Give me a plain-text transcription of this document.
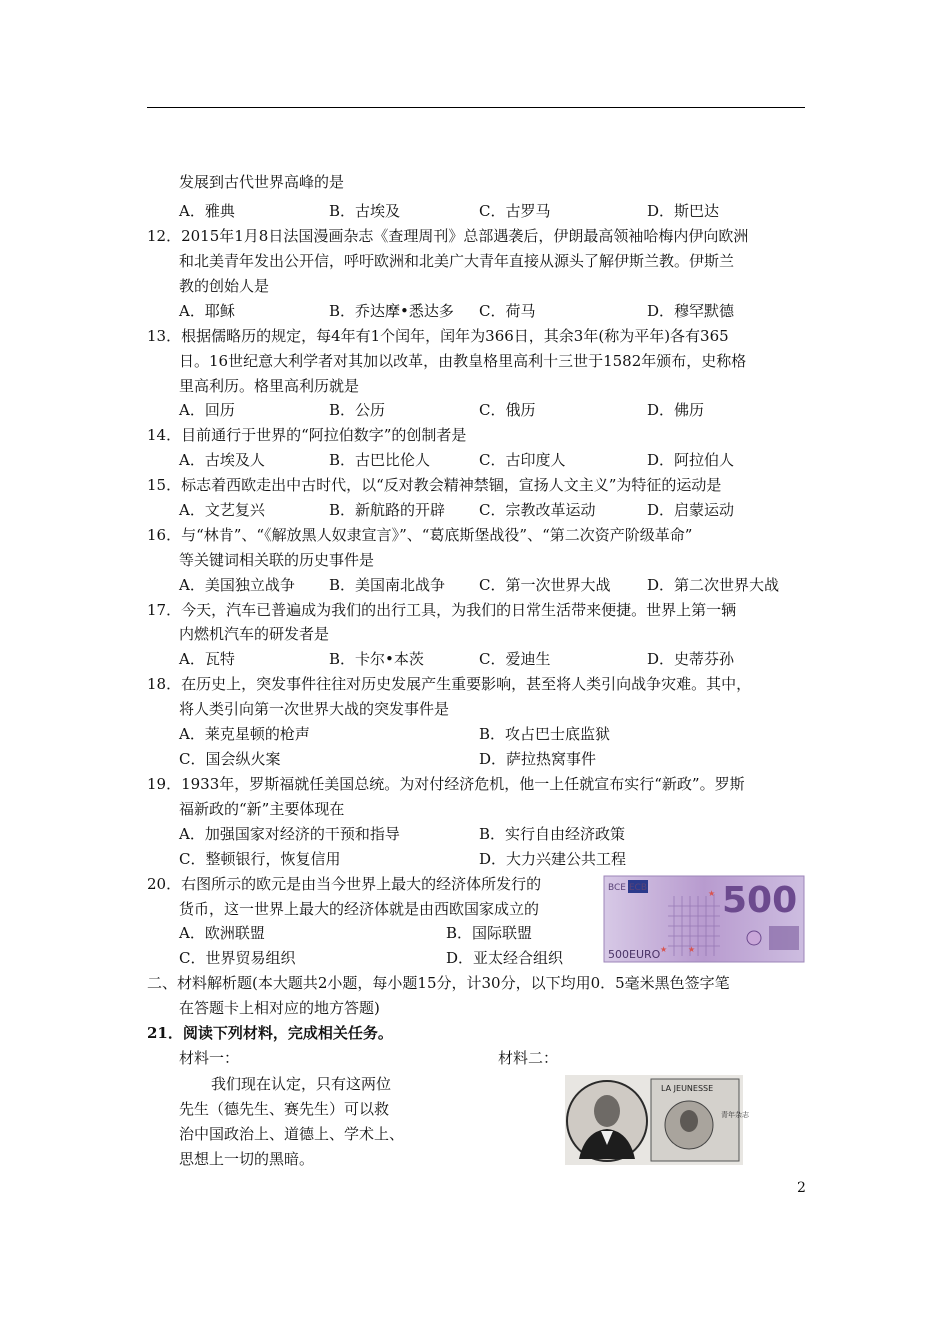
发展到古代世界高峰的是
A．雅典	B．古埃及	C．古罗马	D．斯巴达
12．2015年1月8日法国漫画杂志《查理周刊》总部遇袭后，伊朗最高领袖哈梅内伊向欧洲
和北美青年发出公开信，呼吁欧洲和北美广大青年直接从源头了解伊斯兰教。伊斯兰
教的创始人是
A．耶稣	B．乔达摩•悉达多 C．荷马	D．穆罕默德
13．根据儒略历的规定，每4年有1个闰年，闰年为366日，其余3年(称为平年)各有365
日。16世纪意大利学者对其加以改革，由教皇格里高利十三世于1582年颁布，史称格
里高利历。格里高利历就是
A．回历	B．公历	C．俄历	D．佛历
14．目前通行于世界的“阿拉伯数字”的创制者是
A．古埃及人	B．古巴比伦人	C．古印度人	D．阿拉伯人
15．标志着西欧走出中古时代，以“反对教会精神禁锢，宣扬人文主义”为特征的运动是
A．文艺复兴	B．新航路的开辟 C．宗教改革运动	D．启蒙运动
16．与“林肯”、“《解放黑人奴隶宣言》”、“葛底斯堡战役”、“第二次资产阶级革命”
等关键词相关联的历史事件是
A．美国独立战争 B．美国南北战争 C．第一次世界大战 D．第二次世界大战
17．今天，汽车已普遍成为我们的出行工具，为我们的日常生活带来便捷。世界上第一辆
内燃机汽车的研发者是
A．瓦特	B．卡尔•本茨	C．爱迪生	D．史蒂芬孙
18．在历史上，突发事件往往对历史发展产生重要影响，甚至将人类引向战争灾难。其中，
将人类引向第一次世界大战的突发事件是
A．莱克星顿的枪声	B．攻占巴士底监狱
C．国会纵火案	D．萨拉热窝事件
19．1933年，罗斯福就任美国总统。为对付经济危机，他一上任就宣布实行“新政”。罗斯
福新政的“新”主要体现在
A．加强国家对经济的干预和指导	B．实行自由经济政策
C．整顿银行，恢复信用	D．大力兴建公共工程
20．右图所示的欧元是由当今世界上最大的经济体所发行的
货币，这一世界上最大的经济体就是由西欧国家成立的
A．欧洲联盟	B．国际联盟
C．世界贸易组织	D．亚太经合组织
BCE ECB 500
500EURO ★	★
★
二、材料解析题(本大题共2小题，每小题15分，计30分，以下均用0．5毫米黑色签字笔
在答题卡上相对应的地方答题)
21．阅读下列材料，完成相关任务。
材料一：	材料二：
我们现在认定，只有这两位
先生（德先生、赛先生）可以救
治中国政治上、道德上、学术上、
思想上一切的黑暗。
LA JEUNESSE
青年杂志
2
